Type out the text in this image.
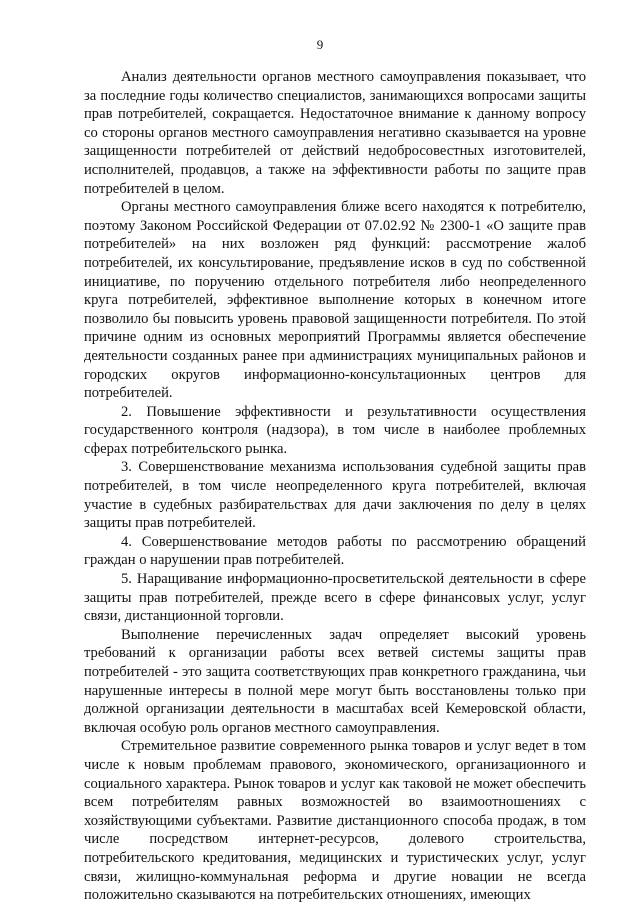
9

Анализ деятельности органов местного самоуправления показывает, что за последние годы количество специалистов, занимающихся вопросами защиты прав потребителей, сокращается. Недостаточное внимание к данному вопросу со стороны органов местного самоуправления негативно сказывается на уровне защищенности потребителей от действий недобросовестных изготовителей, исполнителей, продавцов, а также на эффективности работы по защите прав потребителей в целом.

Органы местного самоуправления ближе всего находятся к потребителю, поэтому Законом Российской Федерации от 07.02.92 № 2300-1 «О защите прав потребителей» на них возложен ряд функций: рассмотрение жалоб потребителей, их консультирование, предъявление исков в суд по собственной инициативе, по поручению отдельного потребителя либо неопределенного круга потребителей, эффективное выполнение которых в конечном итоге позволило бы повысить уровень правовой защищенности потребителя. По этой причине одним из основных мероприятий Программы является обеспечение деятельности созданных ранее при администрациях муниципальных районов и городских округов информационно-консультационных центров для потребителей.

2. Повышение эффективности и результативности осуществления государственного контроля (надзора), в том числе в наиболее проблемных сферах потребительского рынка.

3. Совершенствование механизма использования судебной защиты прав потребителей, в том числе неопределенного круга потребителей, включая участие в судебных разбирательствах для дачи заключения по делу в целях защиты прав потребителей.

4. Совершенствование методов работы по рассмотрению обращений граждан о нарушении прав потребителей.

5. Наращивание информационно-просветительской деятельности в сфере защиты прав потребителей, прежде всего в сфере финансовых услуг, услуг связи, дистанционной торговли.

Выполнение перечисленных задач определяет высокий уровень требований к организации работы всех ветвей системы защиты прав потребителей - это защита соответствующих прав конкретного гражданина, чьи нарушенные интересы в полной мере могут быть восстановлены только при должной организации деятельности в масштабах всей Кемеровской области, включая особую роль органов местного самоуправления.

Стремительное развитие современного рынка товаров и услуг ведет в том числе к новым проблемам правового, экономического, организационного и социального характера. Рынок товаров и услуг как таковой не может обеспечить всем потребителям равных возможностей во взаимоотношениях с хозяйствующими субъектами. Развитие дистанционного способа продаж, в том числе посредством интернет-ресурсов, долевого строительства, потребительского кредитования, медицинских и туристических услуг, услуг связи, жилищно-коммунальная реформа и другие новации не всегда положительно сказываются на потребительских отношениях, имеющих
